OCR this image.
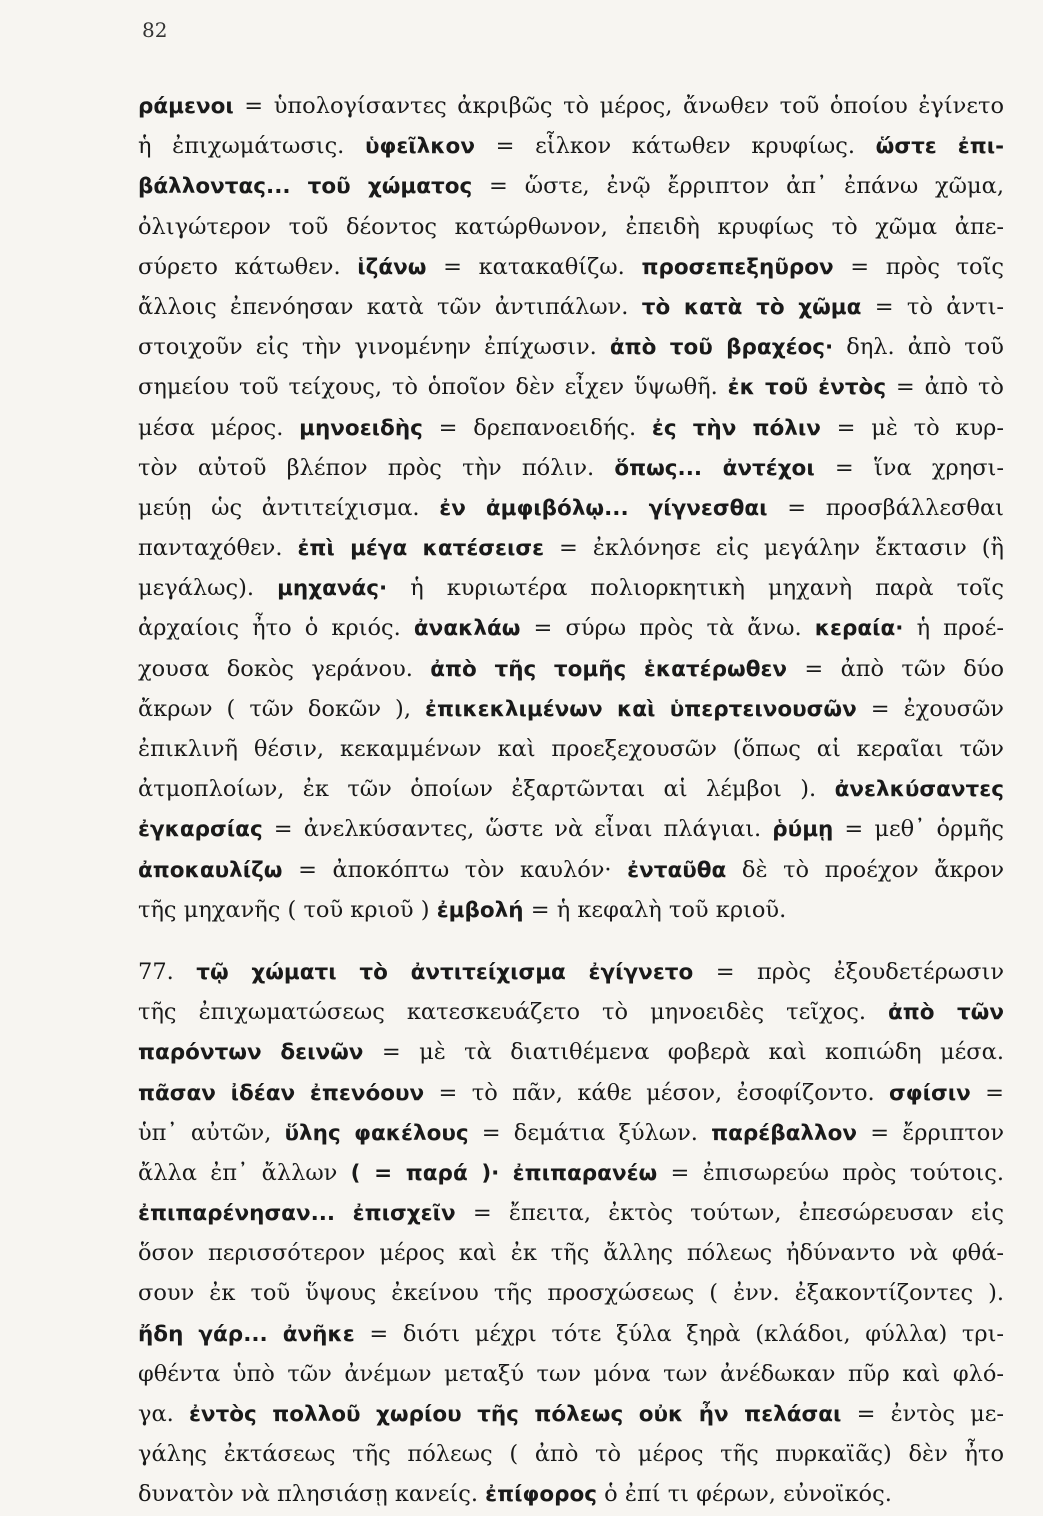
82
ράμενοι = ὑπολογίσαντες ἀκριβῶς τὸ μέρος, ἄνωθεν τοῦ ὁποίου ἐγίνετο
ἡ ἐπιχωμάτωσις. ὑφεῖλκον = εἷλκον κάτωθεν κρυφίως. ὥστε ἐπι-
βάλλοντας... τοῦ χώματος = ὥστε, ἐνῷ ἔρριπτον ἀπ᾽ ἐπάνω χῶμα,
ὀλιγώτερον τοῦ δέοντος κατώρθωνον, ἐπειδὴ κρυφίως τὸ χῶμα ἀπε-
σύρετο κάτωθεν. ἱζάνω = κατακαθίζω. προσεπεξηῦρον = πρὸς τοῖς
ἄλλοις ἐπενόησαν κατὰ τῶν ἀντιπάλων. τὸ κατὰ τὸ χῶμα = τὸ ἀντι-
στοιχοῦν εἰς τὴν γινομένην ἐπίχωσιν. ἀπὸ τοῦ βραχέος· δηλ. ἀπὸ τοῦ
σημείου τοῦ τείχους, τὸ ὁποῖον δὲν εἶχεν ὕψωθῆ. ἐκ τοῦ ἐντὸς = ἀπὸ τὸ
μέσα μέρος. μηνοειδὴς = δρεπανοειδής. ἐς τὴν πόλιν = μὲ τὸ κυρ-
τὸν αὐτοῦ βλέπον πρὸς τὴν πόλιν. ὅπως... ἀντέχοι = ἵνα χρησι-
μεύῃ ὡς ἀντιτείχισμα. ἐν ἀμφιβόλῳ... γίγνεσθαι = προσβάλλεσθαι
πανταχόθεν. ἐπὶ μέγα κατέσεισε = ἐκλόνησε εἰς μεγάλην ἔκτασιν (ἢ
μεγάλως). μηχανάς· ἡ κυριωτέρα πολιορκητικὴ μηχανὴ παρὰ τοῖς
ἀρχαίοις ἦτο ὁ κριός. ἀνακλάω = σύρω πρὸς τὰ ἄνω. κεραία· ἡ προέ-
χουσα δοκὸς γεράνου. ἀπὸ τῆς τομῆς ἑκατέρωθεν = ἀπὸ τῶν δύο
ἄκρων ( τῶν δοκῶν ), ἐπικεκλιμένων καὶ ὑπερτεινουσῶν = ἐχουσῶν
ἐπικλινῆ θέσιν, κεκαμμένων καὶ προεξεχουσῶν (ὅπως αἱ κεραῖαι τῶν
ἀτμοπλοίων, ἐκ τῶν ὁποίων ἐξαρτῶνται αἱ λέμβοι ). ἀνελκύσαντες
ἐγκαρσίας = ἀνελκύσαντες, ὥστε νὰ εἶναι πλάγιαι. ῥύμῃ = μεθ᾽ ὁρμῆς
ἀποκαυλίζω = ἀποκόπτω τὸν καυλόν· ἐνταῦθα δὲ τὸ προέχον ἄκρον
τῆς μηχανῆς ( τοῦ κριοῦ ) ἐμβολή = ἡ κεφαλὴ τοῦ κριοῦ.
77. τῷ χώματι τὸ ἀντιτείχισμα ἐγίγνετο = πρὸς ἐξουδετέρωσιν
τῆς ἐπιχωματώσεως κατεσκευάζετο τὸ μηνοειδὲς τεῖχος. ἀπὸ τῶν
παρόντων δεινῶν = μὲ τὰ διατιθέμενα φοβερὰ καὶ κοπιώδη μέσα.
πᾶσαν ἰδέαν ἐπενόουν = τὸ πᾶν, κάθε μέσον, ἐσοφίζοντο. σφίσιν =
ὑπ᾽ αὐτῶν, ὕλης φακέλους = δεμάτια ξύλων. παρέβαλλον = ἔρριπτον
ἄλλα ἐπ᾽ ἄλλων ( = παρά )· ἐπιπαρανέω = ἐπισωρεύω πρὸς τούτοις.
ἐπιπαρένησαν... ἐπισχεῖν = ἔπειτα, ἐκτὸς τούτων, ἐπεσώρευσαν εἰς
ὅσον περισσότερον μέρος καὶ ἐκ τῆς ἄλλης πόλεως ἠδύναντο νὰ φθά-
σουν ἐκ τοῦ ὕψους ἐκείνου τῆς προσχώσεως ( ἐνν. ἐξακοντίζοντες ).
ἤδη γάρ... ἀνῆκε = διότι μέχρι τότε ξύλα ξηρὰ (κλάδοι, φύλλα) τρι-
φθέντα ὑπὸ τῶν ἀνέμων μεταξύ των μόνα των ἀνέδωκαν πῦρ καὶ φλό-
γα. ἐντὸς πολλοῦ χωρίου τῆς πόλεως οὐκ ἦν πελάσαι = ἐντὸς με-
γάλης ἐκτάσεως τῆς πόλεως ( ἀπὸ τὸ μέρος τῆς πυρκαϊᾶς) δὲν ἦτο
δυνατὸν νὰ πλησιάσῃ κανείς. ἐπίφορος ὁ ἐπί τι φέρων, εὐνοϊκός.
